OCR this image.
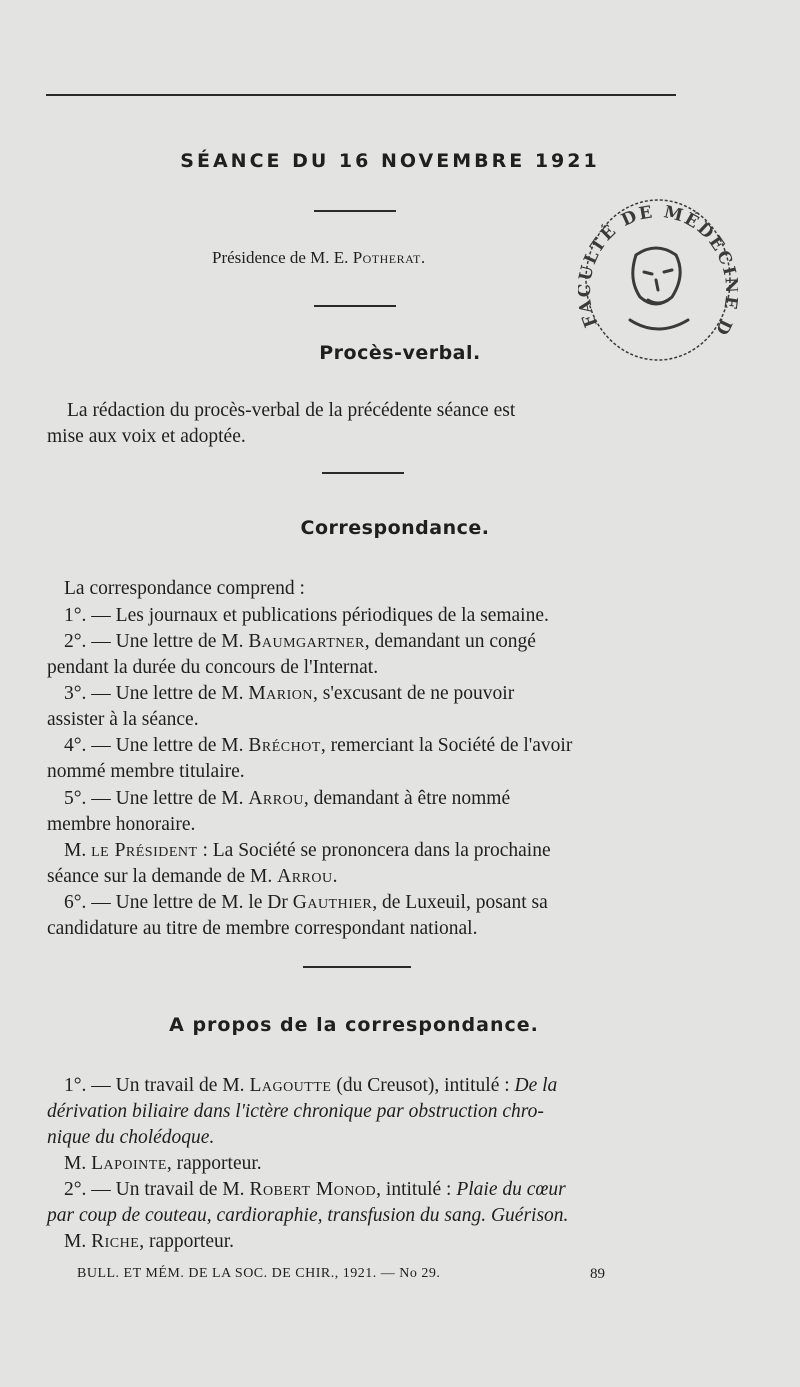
SÉANCE DU 16 NOVEMBRE 1921
Présidence de M. E. Potherat.
F LTÉ DE MÉDECI D
Procès-verbal.
La rédaction du procès-verbal de la précédente séance est
mise aux voix et adoptée.
Correspondance.
La correspondance comprend :
1°. — Les journaux et publications périodiques de la semaine.
2°. — Une lettre de M. Baumgartner, demandant un congé
pendant la durée du concours de l'Internat.
3°. — Une lettre de M. Marion, s'excusant de ne pouvoir
assister à la séance.
4°. — Une lettre de M. Bréchot, remerciant la Société de l'avoir
nommé membre titulaire.
5°. — Une lettre de M. Arrou, demandant à être nommé
membre honoraire.
M. le Président : La Société se prononcera dans la prochaine
séance sur la demande de M. Arrou.
6°. — Une lettre de M. le Dr Gauthier, de Luxeuil, posant sa
candidature au titre de membre correspondant national.
A propos de la correspondance.
1°. — Un travail de M. Lagoutte (du Creusot), intitulé : De la
dérivation biliaire dans l'ictère chronique par obstruction chro-
nique du cholédoque.
M. Lapointe, rapporteur.
2°. — Un travail de M. Robert Monod, intitulé : Plaie du cœur
par coup de couteau, cardioraphie, transfusion du sang. Guérison.
M. Riche, rapporteur.
BULL. ET MÉM. DE LA SOC. DE CHIR., 1921. — No 29.	89
